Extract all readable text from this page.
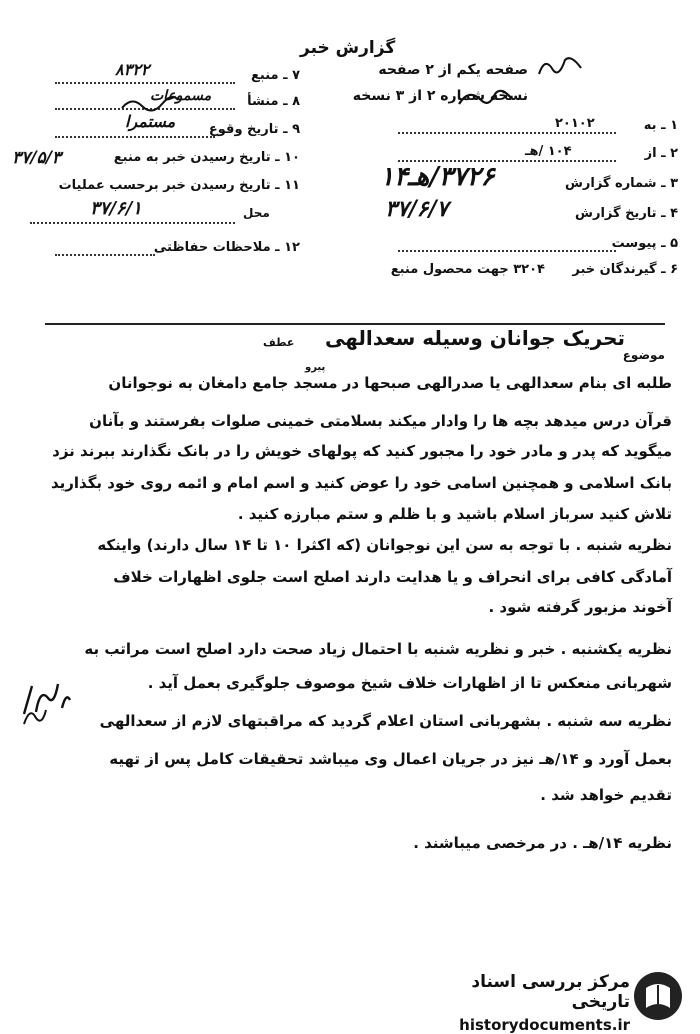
گزارش خبر
صفحه یکم از ۲ صفحه
نسخه شماره ۲ از ۳ نسخه
۷ ـ منبع
۸۳۲۲
۸ ـ منشأ
مسموعات
۹ ـ تاریخ وقوع
مستمرا
۱۰ ـ تاریخ رسیدن خبر به منبع
۳۷/۵/۳
۱۱ ـ تاریخ رسیدن خبر برحسب عملیات
محل
۳۷/۶/۱
۱۲ ـ ملاحظات حفاظتی
۱ ـ به
۲۰۱۰۲
۲ ـ از
۱۰۴ /هـ
۳ ـ شماره گزارش
۳۷۲۶/هـ۱۴
۴ ـ تاریخ گزارش
۳۷/۶/۷
۵ ـ پیوست
۶ ـ گیرندگان خبر
۳۲۰۴ جهت محصول منبع
موضوع
تحریک جوانان وسیله سعدالهی
عطف
پیرو
طلبه ای بنام سعدالهی یا صدرالهی صبحها در مسجد جامع دامغان به نوجوانان
قرآن درس میدهد بچه ها را وادار میکند بسلامتی خمینی صلوات بفرستند و بآنان
میگوید که پدر و مادر خود را مجبور کنید که پولهای خویش را در بانک نگذارند ببرند نزد
بانک اسلامی و همچنین اسامی خود را عوض کنید و اسم امام و ائمه روی خود بگذارید
تلاش کنید سرباز اسلام باشید و با ظلم و ستم مبارزه کنید .
نظریه شنبه . با توجه به سن این نوجوانان (که اکثرا ۱۰ تا ۱۴ سال دارند) واینکه
آمادگی کافی برای انحراف و یا هدایت دارند اصلح است جلوی اظهارات خلاف
آخوند مزبور گرفته شود .
نظریه یکشنبه . خبر و نظریه شنبه با احتمال زیاد صحت دارد اصلح است مراتب به
شهربانی منعکس تا از اظهارات خلاف شیخ موصوف جلوگیری بعمل آید .
نظریه سه شنبه . بشهربانی استان اعلام گردید که مراقبتهای لازم از سعدالهی
بعمل آورد و ۱۴/هـ نیز در جریان اعمال وی میباشد تحقیقات کامل پس از تهیه
تقدیم خواهد شد .
نظریه ۱۴/هـ . در مرخصی میباشند .
مرکز بررسی اسناد تاریخی
historydocuments.ir
